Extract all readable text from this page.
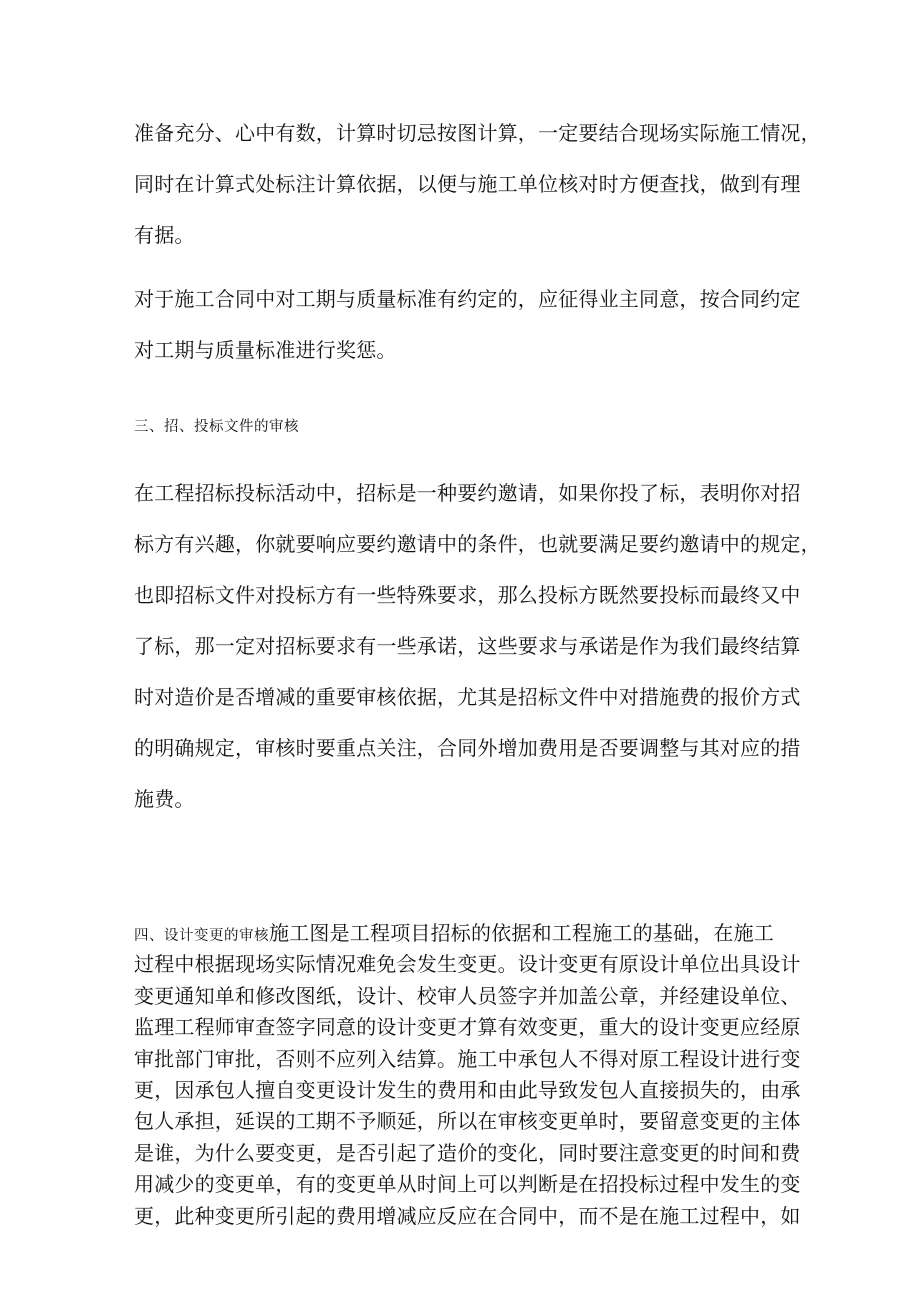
准备充分、心中有数，计算时切忌按图计算，一定要结合现场实际施工情况，
同时在计算式处标注计算依据，以便与施工单位核对时方便查找，做到有理
有据。
对于施工合同中对工期与质量标准有约定的，应征得业主同意，按合同约定
对工期与质量标准进行奖惩。
三、招、投标文件的审核
在工程招标投标活动中，招标是一种要约邀请，如果你投了标，表明你对招
标方有兴趣，你就要响应要约邀请中的条件，也就要满足要约邀请中的规定，
也即招标文件对投标方有一些特殊要求，那么投标方既然要投标而最终又中
了标，那一定对招标要求有一些承诺，这些要求与承诺是作为我们最终结算
时对造价是否增减的重要审核依据，尤其是招标文件中对措施费的报价方式
的明确规定，审核时要重点关注，合同外增加费用是否要调整与其对应的措
施费。
四、设计变更的审核施工图是工程项目招标的依据和工程施工的基础，在施工
过程中根据现场实际情况难免会发生变更。设计变更有原设计单位出具设计
变更通知单和修改图纸，设计、校审人员签字并加盖公章，并经建设单位、
监理工程师审查签字同意的设计变更才算有效变更，重大的设计变更应经原
审批部门审批，否则不应列入结算。施工中承包人不得对原工程设计进行变
更，因承包人擅自变更设计发生的费用和由此导致发包人直接损失的，由承
包人承担，延误的工期不予顺延，所以在审核变更单时，要留意变更的主体
是谁，为什么要变更，是否引起了造价的变化，同时要注意变更的时间和费
用减少的变更单，有的变更单从时间上可以判断是在招投标过程中发生的变
更，此种变更所引起的费用增减应反应在合同中，而不是在施工过程中，如
